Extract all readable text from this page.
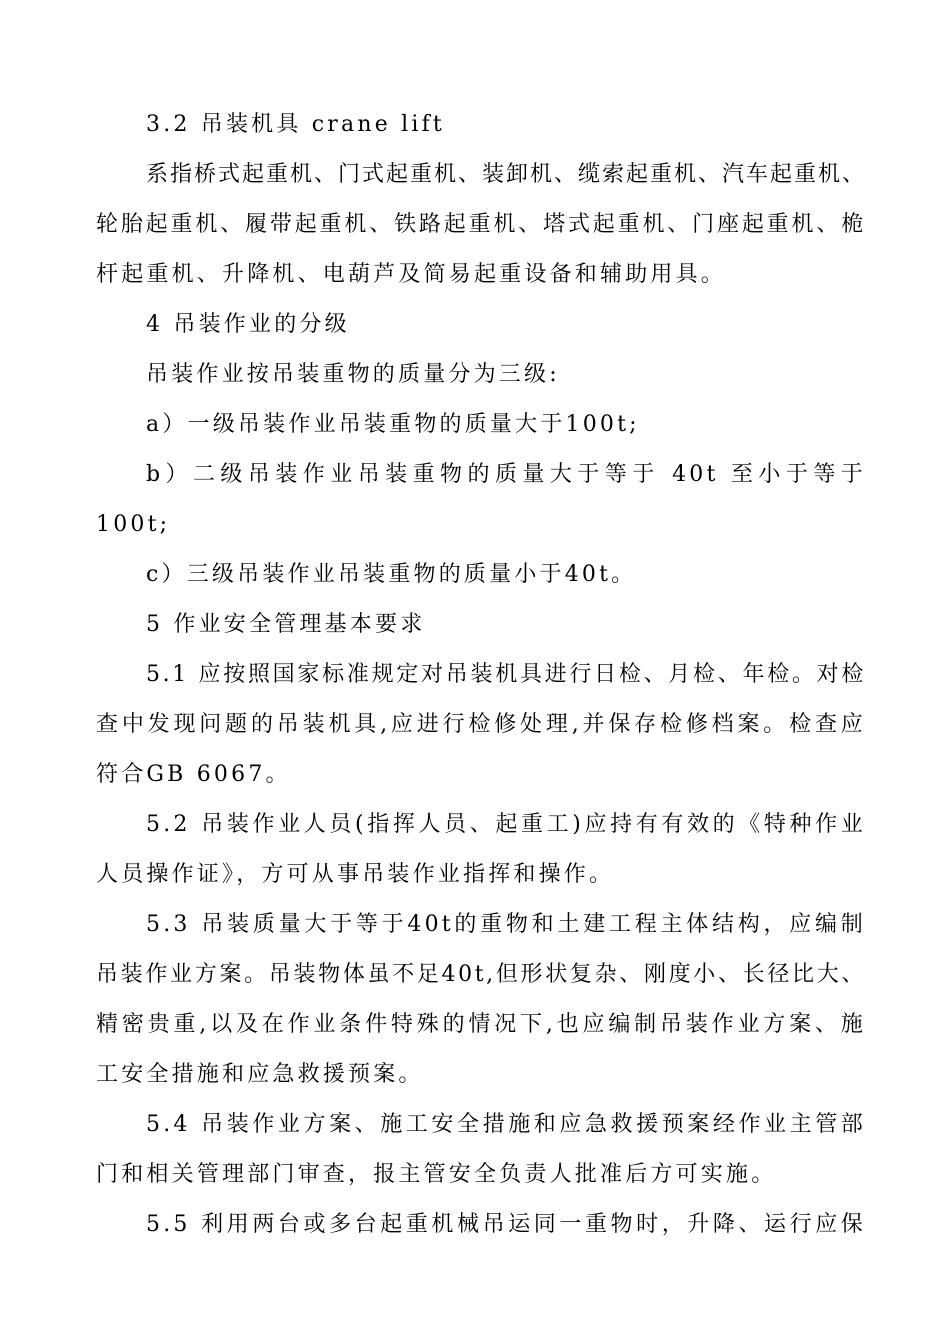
3.2 吊装机具 crane lift
系指桥式起重机、门式起重机、装卸机、缆索起重机、汽车起重机、
轮胎起重机、履带起重机、铁路起重机、塔式起重机、门座起重机、桅
杆起重机、升降机、电葫芦及简易起重设备和辅助用具。
4 吊装作业的分级
吊装作业按吊装重物的质量分为三级:
a）一级吊装作业吊装重物的质量大于100t;
b）二级吊装作业吊装重物的质量大于等于 40t 至小于等于
100t;
c）三级吊装作业吊装重物的质量小于40t。
5 作业安全管理基本要求
5.1 应按照国家标准规定对吊装机具进行日检、月检、年检。对检
查中发现问题的吊装机具,应进行检修处理,并保存检修档案。检查应
符合GB 6067。
5.2 吊装作业人员(指挥人员、起重工)应持有有效的《特种作业
人员操作证》，方可从事吊装作业指挥和操作。
5.3 吊装质量大于等于40t的重物和土建工程主体结构，应编制
吊装作业方案。吊装物体虽不足40t,但形状复杂、刚度小、长径比大、
精密贵重,以及在作业条件特殊的情况下,也应编制吊装作业方案、施
工安全措施和应急救援预案。
5.4 吊装作业方案、施工安全措施和应急救援预案经作业主管部
门和相关管理部门审查，报主管安全负责人批准后方可实施。
5.5 利用两台或多台起重机械吊运同一重物时，升降、运行应保
